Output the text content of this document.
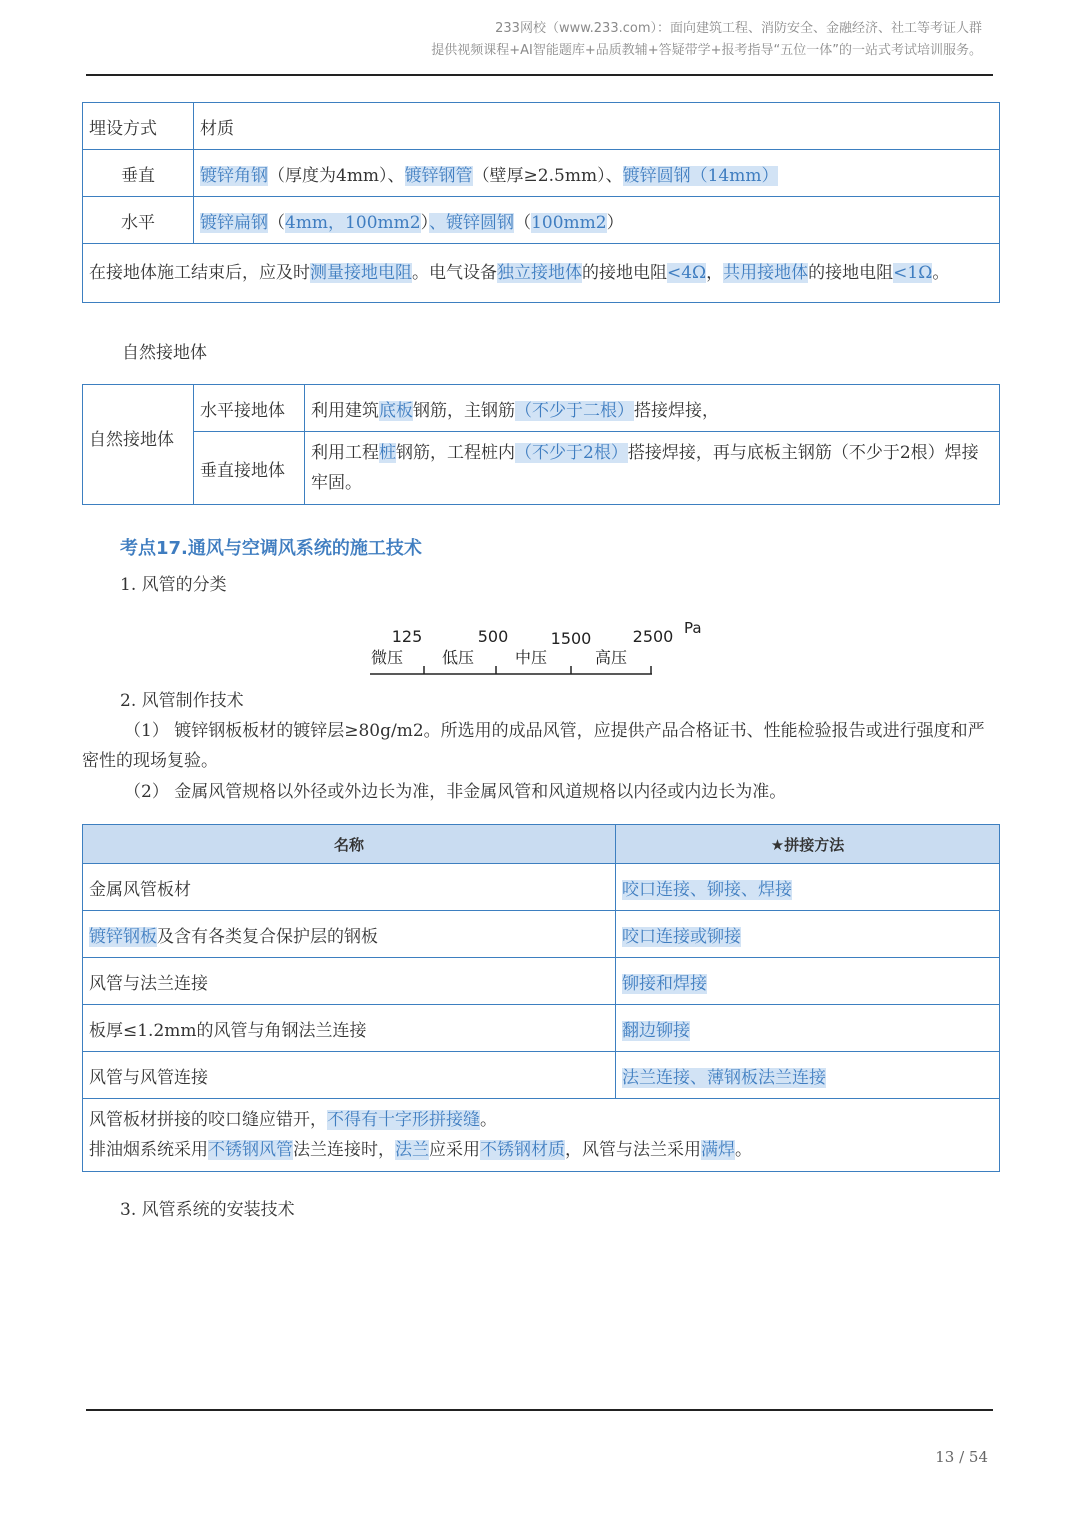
233网校（www.233.com）：面向建筑工程、消防安全、金融经济、社工等考证人群
提供视频课程+AI智能题库+品质教辅+答疑带学+报考指导“五位一体”的一站式考试培训服务。
埋设方式	材质
垂直	镀锌角钢（厚度为4mm）、镀锌钢管（壁厚≥2.5mm）、镀锌圆钢（14mm）
水平	镀锌扁钢（4mm，100mm2）、镀锌圆钢（100mm2）
在接地体施工结束后，应及时测量接地电阻。电气设备独立接地体的接地电阻<4Ω，共用接地体的接地电阻<1Ω。	
自然接地体
自然接地体	水平接地体	利用建筑底板钢筋，主钢筋（不少于二根）搭接焊接，
	垂直接地体	利用工程桩钢筋，工程桩内（不少于2根）搭接焊接，再与底板主钢筋（不少于2根）焊接牢固。
考点17.通风与空调风系统的施工技术
1. 风管的分类
125	500	1500	2500 Pa
微压 低压	中压	高压
2. 风管制作技术
（1） 镀锌钢板板材的镀锌层≥80g/m2。所选用的成品风管，应提供产品合格证书、性能检验报告或进行强度和严密性的现场复验。
（2） 金属风管规格以外径或外边长为准，非金属风管和风道规格以内径或内边长为准。
名称	★拼接方法
金属风管板材	咬口连接、铆接、焊接
镀锌钢板及含有各类复合保护层的钢板	咬口连接或铆接
风管与法兰连接	铆接和焊接
板厚≤1.2mm的风管与角钢法兰连接	翻边铆接
风管与风管连接	法兰连接、薄钢板法兰连接

风管板材拼接的咬口缝应错开，不得有十字形拼接缝。
排油烟系统采用不锈钢风管法兰连接时，法兰应采用不锈钢材质，风管与法兰采用满焊。	
3. 风管系统的安装技术
13 / 54
